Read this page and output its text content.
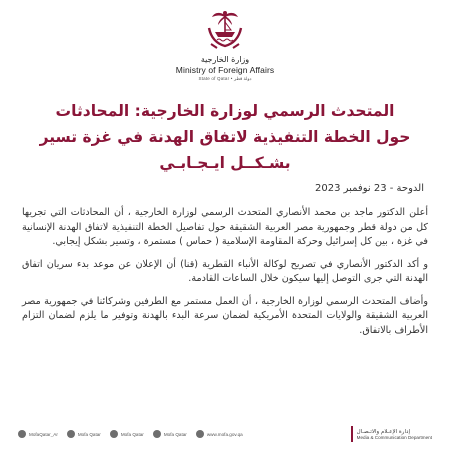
وزارة الخارجية
Ministry of Foreign Affairs
State of Qatar • دولة قطر
المتحدث الرسمي لوزارة الخارجية: المحادثات
حول الخطة التنفيذية لاتفاق الهدنة في غزة تسير
بشـكــل ايـجـابـي
الدوحة - 23 نوفمبر 2023

أعلن الدكتور ماجد بن محمد الأنصاري المتحدث الرسمي لوزارة الخارجية ، أن المحادثات التي تجريها كل من دولة قطر وجمهورية مصر العربية الشقيقة حول تفاصيل الخطة التنفيذية لاتفاق الهدنة الإنسانية في غزة ، بين كل إسرائيل وحركة المقاومة الإسلامية ( حماس ) مستمرة ، وتسير بشكل إيجابي.

و أكد الدكتور الأنصاري في تصريح لوكالة الأنباء القطرية (قنا) أن الإعلان عن موعد بدء سريان اتفاق الهدنة التي جرى التوصل إليها سيكون خلال الساعات القادمة.

وأضاف المتحدث الرسمي لوزارة الخارجية ، أن العمل مستمر مع الطرفين وشركائنا في جمهورية مصر العربية الشقيقة والولايات المتحدة الأمريكية لضمان سرعة البدء بالهدنة وتوفير ما يلزم لضمان التزام الأطراف بالاتفاق.

MofaQatar_Ar	Mofa Qatar	Mofa Qatar	Mofa Qatar	www.mofa.gov.qa	إدارة الإعـلام والاتـصـال
Media & Communication Department
